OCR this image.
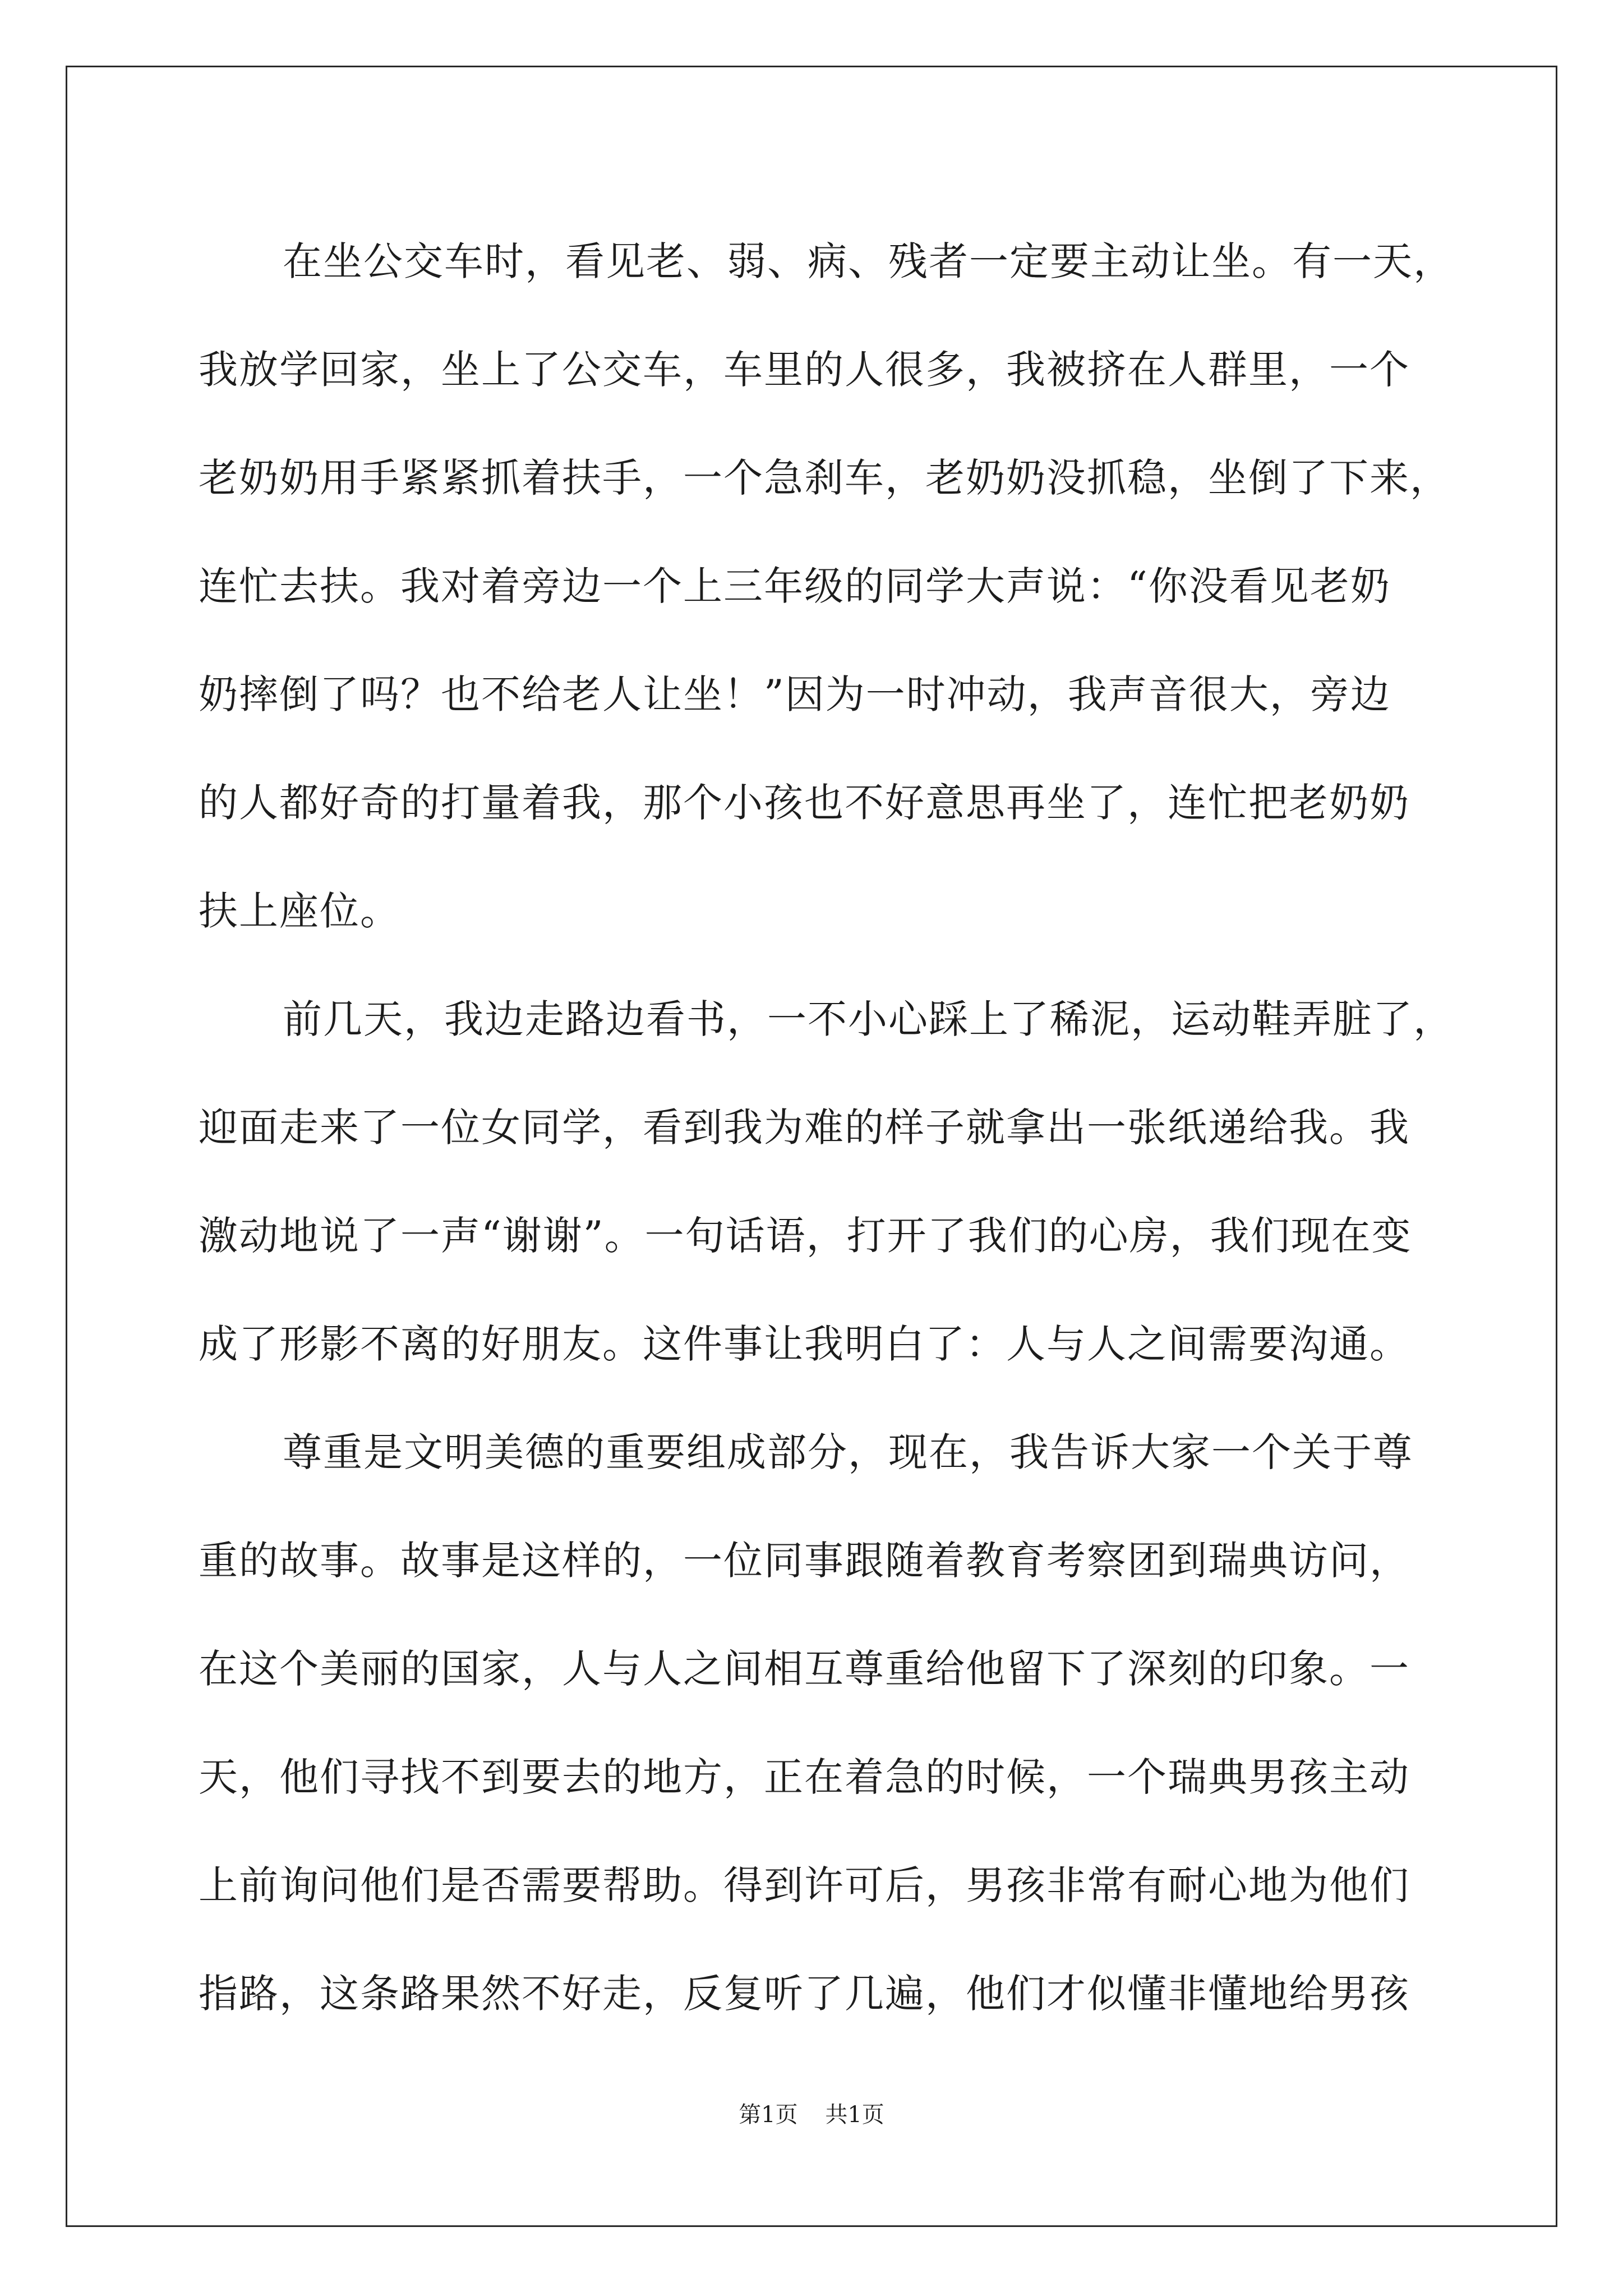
在坐公交车时，看见老、弱、病、残者一定要主动让坐。有一天，
我放学回家，坐上了公交车，车里的人很多，我被挤在人群里，一个
老奶奶用手紧紧抓着扶手，一个急刹车，老奶奶没抓稳，坐倒了下来，
连忙去扶。我对着旁边一个上三年级的同学大声说：“你没看见老奶
奶摔倒了吗？也不给老人让坐！”因为一时冲动，我声音很大，旁边
的人都好奇的打量着我，那个小孩也不好意思再坐了，连忙把老奶奶
扶上座位。
前几天，我边走路边看书，一不小心踩上了稀泥，运动鞋弄脏了，
迎面走来了一位女同学，看到我为难的样子就拿出一张纸递给我。我
激动地说了一声“谢谢”。一句话语，打开了我们的心房，我们现在变
成了形影不离的好朋友。这件事让我明白了：人与人之间需要沟通。
尊重是文明美德的重要组成部分，现在，我告诉大家一个关于尊
重的故事。故事是这样的，一位同事跟随着教育考察团到瑞典访问，
在这个美丽的国家，人与人之间相互尊重给他留下了深刻的印象。一
天，他们寻找不到要去的地方，正在着急的时候，一个瑞典男孩主动
上前询问他们是否需要帮助。得到许可后，男孩非常有耐心地为他们
指路，这条路果然不好走，反复听了几遍，他们才似懂非懂地给男孩
第1页 共1页
